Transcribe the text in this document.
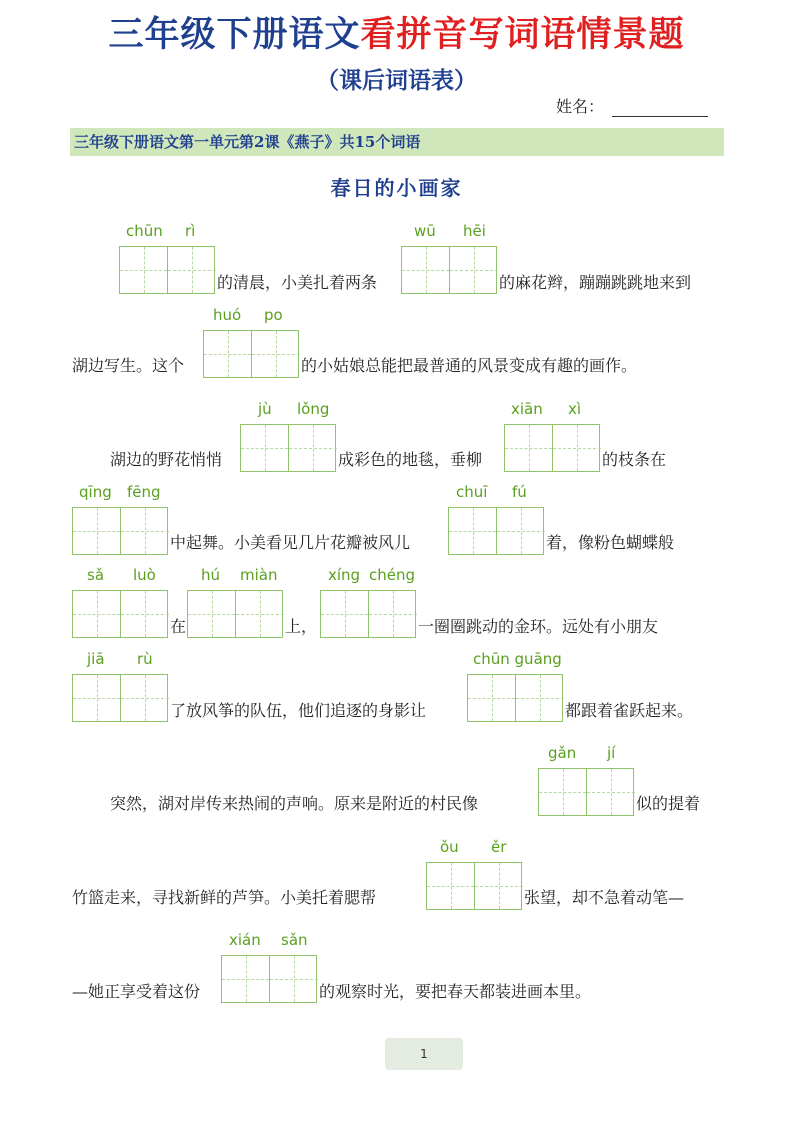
三年级下册语文看拼音写词语情景题
（课后词语表）
姓名：
三年级下册语文第一单元第2课《燕子》共15个词语
春日的小画家
chūn rì
的清晨，小美扎着两条
wū hēi
的麻花辫，蹦蹦跳跳地来到
huó po
湖边写生。这个	的小姑娘总能把最普通的风景变成有趣的画作。
jù lǒng
湖边的野花悄悄	成彩色的地毯，垂柳
xiān xì
的枝条在
qīng fēng
中起舞。小美看见几片花瓣被风儿
chuī fú
着，像粉色蝴蝶般
sǎ luò
在
hú miàn
上，
xíng chéng
一圈圈跳动的金环。远处有小朋友
jiā rù
了放风筝的队伍，他们追逐的身影让
chūn guāng
都跟着雀跃起来。
gǎn jí
突然，湖对岸传来热闹的声响。原来是附近的村民像	似的提着
ǒu ěr
竹篮走来，寻找新鲜的芦笋。小美托着腮帮	张望，却不急着动笔—
xián sǎn
—她正享受着这份	的观察时光，要把春天都装进画本里。
1
